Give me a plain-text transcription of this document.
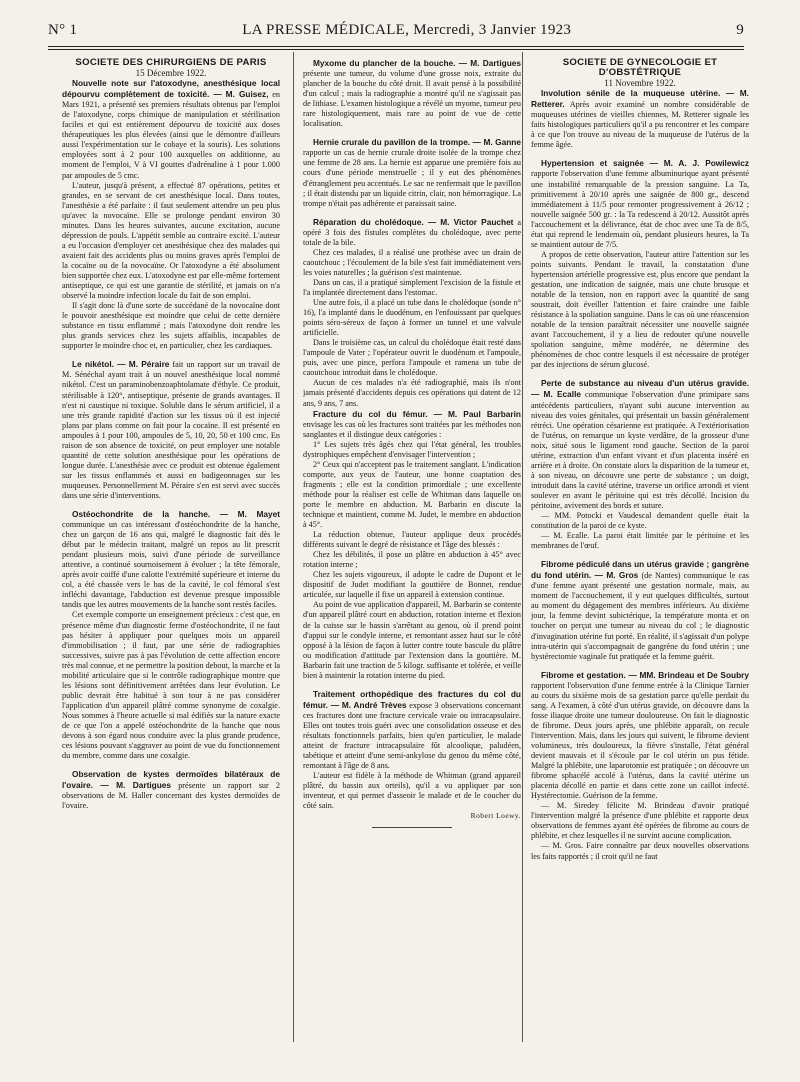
N° 1	LA PRESSE MÉDICALE, Mercredi, 3 Janvier 1923	9

SOCIÉTÉ DES CHIRURGIENS DE PARIS

15 Décembre 1922.

Nouvelle note sur l'atoxodyne, anesthésique local dépourvu complètement de toxicité. — M. Guisez, en Mars 1921, a présenté ses premiers résultats obtenus par l'emploi de l'atoxodyne, corps chimique de manipulation et stérilisation faciles et qui est entièrement dépourvu de toxicité aux doses thérapeutiques les plus élevées (ainsi que le démontre d'ailleurs aussi l'expérimentation sur le cobaye et la souris). Les solutions employées sont à 2 pour 100 auxquelles on additionne, au moment de l'emploi, V à VI gouttes d'adrénaline à 1 pour 1.000 par ampoules de 5 cmc.

L'auteur, jusqu'à présent, a effectué 87 opérations, petites et grandes, en se servant de cet anesthésique local. Dans toutes, l'anesthésie a été parfaite : il faut seulement attendre un peu plus qu'avec la novocaïne. Elle se prolonge pendant environ 30 minutes. Dans les heures suivantes, aucune excitation, aucune dépression de pouls. L'appétit semble au contraire excité. L'auteur a eu l'occasion d'employer cet anesthésique chez des malades qui avaient fait des accidents plus ou moins graves après l'emploi de la cocaïne ou de la novocaïne. Or l'atoxodyne a été absolument bien supportée chez eux. L'atoxodyne est par elle-même fortement antiseptique, ce qui est une garantie de stérilité, et jamais on n'a observé la moindre infection locale du fait de son emploi.

Il s'agit donc là d'une sorte de succédané de la novocaïne dont le pouvoir anesthésique est moindre que celui de cette dernière substance en tissu enflammé ; mais l'atoxodyne doit rendre les plus grands services chez les sujets affaiblis, incapables de supporter le moindre choc et, en particulier, chez les cardiaques.

Le nikétol. — M. Péraire fait un rapport sur un travail de M. Sénéchal ayant trait à un nouvel anesthésique local nommé nikétol. C'est un paraminobenzoaphtolamate d'éthyle. Ce produit, stérilisable à 120°, antiseptique, présente de grands avantages. Il n'est ni caustique ni toxique. Soluble dans le sérum artificiel, il a une très grande rapidité d'action sur les tissus où il est injecté plans par plans comme on fait pour la cocaïne. Il est présenté en ampoules à 1 pour 100, ampoules de 5, 10, 20, 50 et 100 cmc. En raison de son absence de toxicité, on peut employer une notable quantité de cette solution anesthésique pour les opérations de longue durée. L'anesthésie avec ce produit est obtenue également sur les tissus enflammés et aussi en badigeonnages sur les muqueuses. Personnellement M. Péraire s'en est servi avec succès dans une série d'interventions.

Ostéochondrite de la hanche. — M. Mayet communique un cas intéressant d'ostéochondrite de la hanche, chez un garçon de 16 ans qui, malgré le diagnostic fait dès le début par le médecin traitant, malgré un repos au lit prescrit pendant plusieurs mois, suivi d'une période de surveillance attentive, a continué sournoisement à évoluer ; la tête fémorale, après avoir coiffé d'une calotte l'extrémité supérieure et interne du col, a été chassée vers le bas de la cavité, le col fémoral s'est infléchi davantage, l'abduction est devenue presque impossible tandis que les autres mouvements de la hanche sont restés faciles.

Cet exemple comporte un enseignement précieux : c'est que, en présence même d'un diagnostic ferme d'ostéochondrite, il ne faut pas hésiter à appliquer pour quelques mois un appareil d'immobilisation ; il faut, par une série de radiographies successives, suivre pas à pas l'évolution de cette affection encore très mal connue, et ne permettre la position debout, la marche et la mobilité articulaire que si le contrôle radiographique montre que les lésions sont définitivement arrêtées dans leur évolution. Le public devrait être habitué à son tour à ne pas considérer l'application d'un appareil plâtré comme synonyme de coxalgie. Nous sommes à l'heure actuelle si mal édifiés sur la nature exacte de ce que l'on a appelé ostéochondrite de la hanche que nous devons à son égard nous conduire avec la plus grande prudence, ces lésions pouvant s'aggraver au point de vue du fonctionnement du membre, comme dans une coxalgie.

Observation de kystes dermoïdes bilatéraux de l'ovaire. — M. Dartigues présente un rapport sur 2 observations de M. Haller concernant des kystes dermoïdes de l'ovaire.

Myxome du plancher de la bouche. — M. Dartigues présente une tumeur, du volume d'une grosse noix, extraite du plancher de la bouche du côté droit. Il avait pensé à la possibilité d'un calcul ; mais la radiographie a montré qu'il ne s'agissait pas de lithiase. L'examen histologique a révélé un myome, tumeur peu rare histologiquement, mais rare au point de vue de cette localisation.

Hernie crurale du pavillon de la trompe. — M. Ganne rapporte un cas de hernie crurale droite isolée de la trompe chez une femme de 28 ans. La hernie est apparue une première fois au cours d'une période menstruelle ; il y eut des phénomènes d'étranglement peu accentués. Le sac ne renfermait que le pavillon ; il était distendu par un liquide citrin, clair, non hémorragique. La trompe n'était pas adhérente et paraissait saine.

Réparation du cholédoque. — M. Victor Pauchet a opéré 3 fois des fistules complètes du cholédoque, avec perte totale de la bile.

Chez ces malades, il a réalisé une prothèse avec un drain de caoutchouc ; l'écoulement de la bile s'est fait immédiatement vers les voies naturelles ; la guérison s'est maintenue.

Dans un cas, il a pratiqué simplement l'excision de la fistule et l'a implantée directement dans l'estomac.

Une autre fois, il a placé un tube dans le cholédoque (sonde n° 16), l'a implanté dans le duodénum, en l'enfouissant par quelques points séro-séreux de façon à former un tunnel et une valvule artificielle.

Dans le troisième cas, un calcul du cholédoque était resté dans l'ampoule de Vater ; l'opérateur ouvrit le duodénum et l'ampoule, puis, avec une pince, perfora l'ampoule et ramena un tube de caoutchouc introduit dans le cholédoque.

Aucun de ces malades n'a été radiographié, mais ils n'ont jamais présenté d'accidents depuis ces opérations qui datent de 12 ans, 9 ans, 7 ans.

Fracture du col du fémur. — M. Paul Barbarin envisage les cas où les fractures sont traitées par les méthodes non sanglantes et il distingue deux catégories :

1° Les sujets très âgés chez qui l'état général, les troubles dystrophiques empêchent d'envisager l'intervention ;

2° Ceux qui n'acceptent pas le traitement sanglant. L'indication comporte, aux yeux de l'auteur, une bonne coaptation des fragments ; elle est la condition primordiale ; une excellente méthode pour la réaliser est celle de Whitman dans laquelle on porte le membre en abduction. M. Barbarin en discute la technique et maintient, comme M. Judet, le membre en abduction à 45°.

La réduction obtenue, l'auteur applique deux procédés différents suivant le degré de résistance et l'âge des blessés :

Chez les débilités, il pose un plâtre en abduction à 45° avec rotation interne ;

Chez les sujets vigoureux, il adopte le cadre de Dupont et le dispositif de Judet modifiant la gouttière de Bonnet, rendue articulée, sur laquelle il fixe un appareil à extension continue.

Au point de vue application d'appareil, M. Barbarin se contente d'un appareil plâtré court en abduction, rotation interne et flexion de la cuisse sur le bassin s'arrêtant au genou, où il prend point d'appui sur le condyle interne, et remontant assez haut sur le côté opposé à la lésion de façon à lutter contre toute bascule du plâtre ou modification d'attitude par l'extension dans la gouttière. M. Barbarin fait une traction de 5 kilogr. suffisante et tolérée, et veille bien à maintenir la rotation interne du pied.

Traitement orthopédique des fractures du col du fémur. — M. André Trèves expose 3 observations concernant ces fractures dont une fracture cervicale vraie ou intracapsulaire. Elles ont toutes trois guéri avec une consolidation osseuse et des résultats fonctionnels parfaits, bien qu'en particulier, le malade atteint de fracture intracapsulaire fût alcoolique, paludéen, tabétique et atteint d'une semi-ankylose du genou du même côté, remontant à l'âge de 8 ans.

L'auteur est fidèle à la méthode de Whitman (grand appareil plâtré, du bassin aux orteils), qu'il a vu appliquer par son inventeur, et qui permet d'asseoir le malade et de le coucher du côté sain.

Robert Loewy.

SOCIÉTÉ DE GYNÉCOLOGIE ET D'OBSTÉTRIQUE

11 Novembre 1922.

Involution sénile de la muqueuse utérine. — M. Retterer. Après avoir examiné un nombre considérable de muqueuses utérines de vieilles chiennes, M. Retterer signale les faits histologiques particuliers qu'il a pu rencontrer et les compare à ce que l'on trouve au niveau de la muqueuse de l'utérus de la femme âgée.

Hypertension et saignée — M. A. J. Powilewicz rapporte l'observation d'une femme albuminurique ayant présenté une instabilité remarquable de la pression sanguine. La Ta, primitivement à 20/10 après une saignée de 800 gr., descend immédiatement à 11/5 pour remonter progressivement à 26/12 ; nouvelle saignée 500 gr. : la Ta redescend à 20/12. Aussitôt après l'accouchement et la délivrance, état de choc avec une Ta de 8/5, état qui reprend le lendemain où, pendant plusieurs heures, la Ta se maintient autour de 7/5.

A propos de cette observation, l'auteur attire l'attention sur les points suivants. Pendant le travail, la constatation d'une hypertension artérielle progressive est, plus encore que pendant la gestation, une indication de saignée, mais une chute brusque et notable de la tension, non en rapport avec la quantité de sang soustrait, doit éveiller l'attention et faire craindre une faible résistance à la spoliation sanguine. Dans le cas où une réascension notable de la tension paraîtrait nécessiter une nouvelle saignée avant l'accouchement, il y a lieu de redouter qu'une nouvelle spoliation sanguine, même modérée, ne détermine des phénomènes de choc contre lesquels il est nécessaire de protéger par des injections de sérum glucosé.

Perte de substance au niveau d'un utérus gravide. — M. Ecalle communique l'observation d'une primipare sans antécédents particuliers, n'ayant subi aucune intervention au niveau des voies génitales, qui présentait un bassin généralement rétréci. Une opération césarienne est pratiquée. A l'extériorisation de l'utérus, on remarque un kyste verdâtre, de la grosseur d'une noix, situé sous le ligament rond gauche. Section de la paroi utérine, extraction d'un enfant vivant et d'un placenta inséré en arrière et à droite. On constate alors la disparition de la tumeur et, à son niveau, on découvre une perte de substance ; un doigt, introduit dans la cavité utérine, traverse un orifice arrondi et vient soulever en avant le péritoine qui est très décollé. Incision du péritoine, avivement des bords et suture.

— MM. Potocki et Vaudescal demandent quelle était la constitution de la paroi de ce kyste.

— M. Ecalle. La paroi était limitée par le péritoine et les membranes de l'œuf.

Fibrome pédiculé dans un utérus gravide ; gangrène du fond utérin. — M. Gros (de Nantes) communique le cas d'une femme ayant présenté une gestation normale, mais, au moment de l'accouchement, il y eut quelques difficultés, surtout au moment du dégagement des membres inférieurs. Au dixième jour, la femme devint subictérique, la température monta et on toucher on perçut une tumeur au niveau du col ; le diagnostic d'invagination utérine fut porté. En réalité, il s'agissait d'un polype intra-utérin qui s'accompagnait de gangrène du fond utérin ; une hystérectomie vaginale fut pratiquée et la femme guérit.

Fibrome et gestation. — MM. Brindeau et De Soubry rapportent l'observation d'une femme entrée à la Clinique Tarnier au cours du sixième mois de sa gestation parce qu'elle perdait du sang. A l'examen, à côté d'un utérus gravide, on découvre dans la fosse iliaque droite une tumeur douloureuse. On fait le diagnostic de fibrome. Deux jours après, une phlébite apparaît, on recule l'intervention. Mais, dans les jours qui suivent, le fibrome devient volumineux, très douloureux, la fièvre s'installe, l'état général devient mauvais et il s'écoule par le col utérin un pus fétide. Malgré la phlébite, une laparotomie est pratiquée ; on découvre un fibrome sphacélé accolé à l'utérus, dans la cavité utérine un placenta décollé en partie et dans cette zone un caillot infecté. Hystérectomie. Guérison de la femme.

— M. Siredey félicite M. Brindeau d'avoir pratiqué l'intervention malgré la présence d'une phlébite et rapporte deux observations de femmes ayant été opérées de fibrome au cours de phlébite, et chez lesquelles il ne survint aucune complication.

— M. Gros. Faire connaître par deux nouvelles observations les faits rapportés ; il croit qu'il ne faut
